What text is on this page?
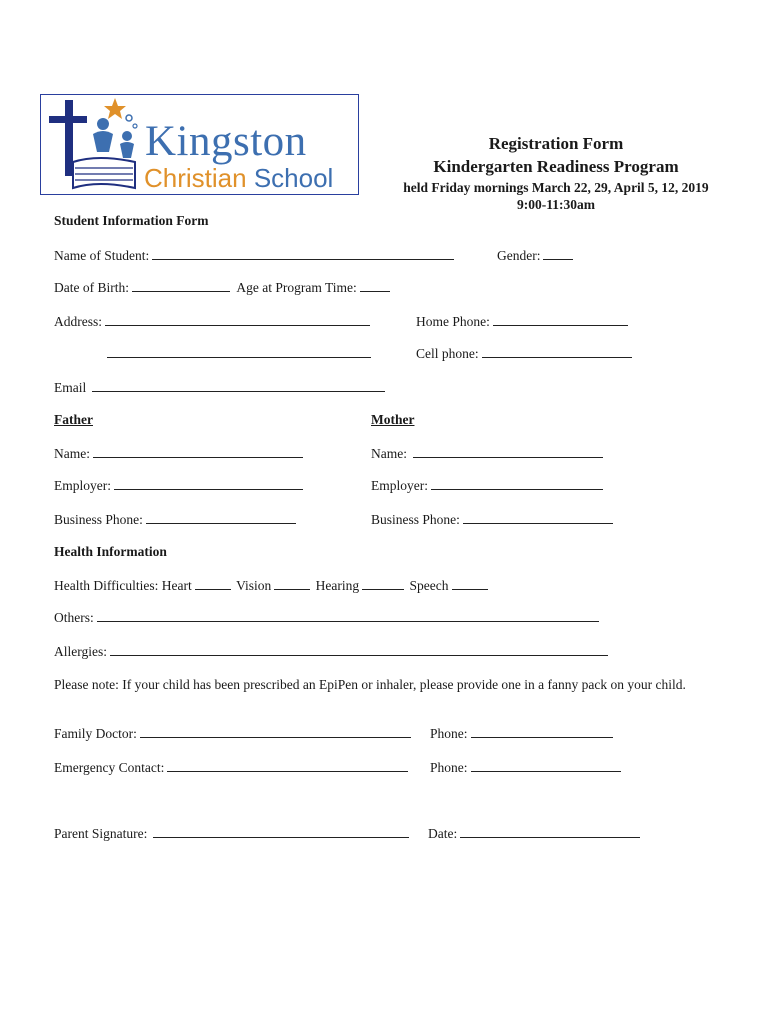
Kingston
Christian School
Registration Form
Kindergarten Readiness Program
held Friday mornings March 22, 29, April 5, 12, 2019
9:00-11:30am
Student Information Form
Name of Student:	Gender:
Date of Birth:	Age at Program Time:
Address:	Home Phone:
Cell phone:
Email
Father	Mother
Name:	Name:
Employer:	Employer:
Business Phone:	Business Phone:
Health Information
Health Difficulties: Heart	Vision	Hearing	Speech
Others:
Allergies:
Please note: If your child has been prescribed an EpiPen or inhaler, please provide one in a fanny pack on your child.
Family Doctor:	Phone:
Emergency Contact:	Phone:
Parent Signature:	Date:
